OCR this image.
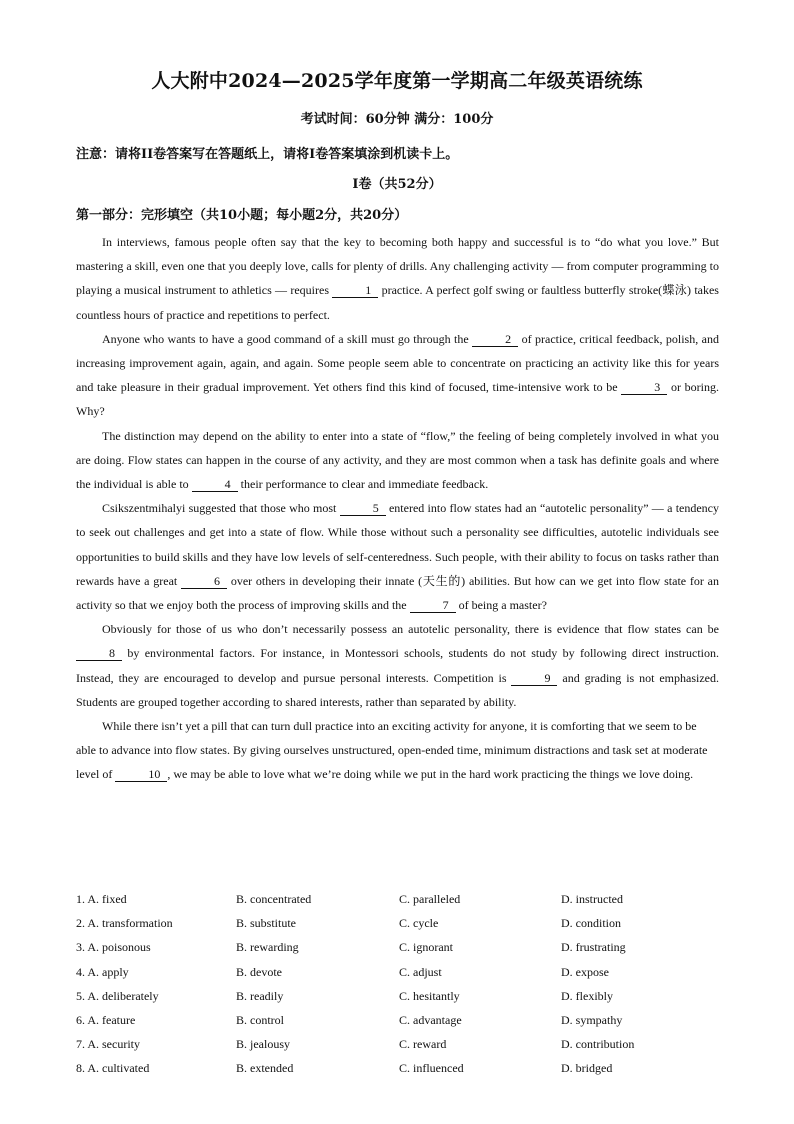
人大附中2024—2025学年度第一学期高二年级英语统练
考试时间：60分钟 满分：100分
注意：请将II卷答案写在答题纸上，请将I卷答案填涂到机读卡上。
I卷（共52分）
第一部分：完形填空（共10小题；每小题2分，共20分）

In interviews, famous people often say that the key to becoming both happy and successful is to “do what you love.” But mastering a skill, even one that you deeply love, calls for plenty of drills. Any challenging activity — from computer programming to playing a musical instrument to athletics — requires	1 practice. A perfect golf swing or faultless butterfly stroke(蝶泳) takes countless hours of practice and repetitions to perfect.

Anyone who wants to have a good command of a skill must go through the	2 of practice, critical feedback, polish, and increasing improvement again, again, and again. Some people seem able to concentrate on practicing an activity like this for years and take pleasure in their gradual improvement. Yet others find this kind of focused, time-intensive work to be	3 or boring. Why?

The distinction may depend on the ability to enter into a state of “flow,” the feeling of being completely involved in what you are doing. Flow states can happen in the course of any activity, and they are most common when a task has definite goals and where the individual is able to	4 their performance to clear and immediate feedback.

Csikszentmihalyi suggested that those who most	5 entered into flow states had an “autotelic personality” — a tendency to seek out challenges and get into a state of flow. While those without such a personality see difficulties, autotelic individuals see opportunities to build skills and they have low levels of self-centeredness. Such people, with their ability to focus on tasks rather than rewards have a great	6 over others in developing their innate (天生的) abilities. But how can we get into flow state for an activity so that we enjoy both the process of improving skills and the	7 of being a master?

Obviously for those of us who don’t necessarily possess an autotelic personality, there is evidence that flow states can be 8 by environmental factors. For instance, in Montessori schools, students do not study by following direct instruction. Instead, they are encouraged to develop and pursue personal interests. Competition is	9 and grading is not emphasized. Students are grouped together according to shared interests, rather than separated by ability.

While there isn’t yet a pill that can turn dull practice into an exciting activity for anyone, it is comforting that we seem to be able to advance into flow states. By giving ourselves unstructured, open-ended time, minimum distractions and task set at moderate level of	10 , we may be able to love what we’re doing while we put in the hard work practicing the things we love doing.

1. A. fixed	B. concentrated	C. paralleled	D. instructed
2. A. transformation	B. substitute	C. cycle	D. condition
3. A. poisonous	B. rewarding	C. ignorant	D. frustrating
4. A. apply	B. devote	C. adjust	D. expose
5. A. deliberately	B. readily	C. hesitantly	D. flexibly
6. A. feature	B. control	C. advantage	D. sympathy
7. A. security	B. jealousy	C. reward	D. contribution
8. A. cultivated	B. extended	C. influenced	D. bridged
